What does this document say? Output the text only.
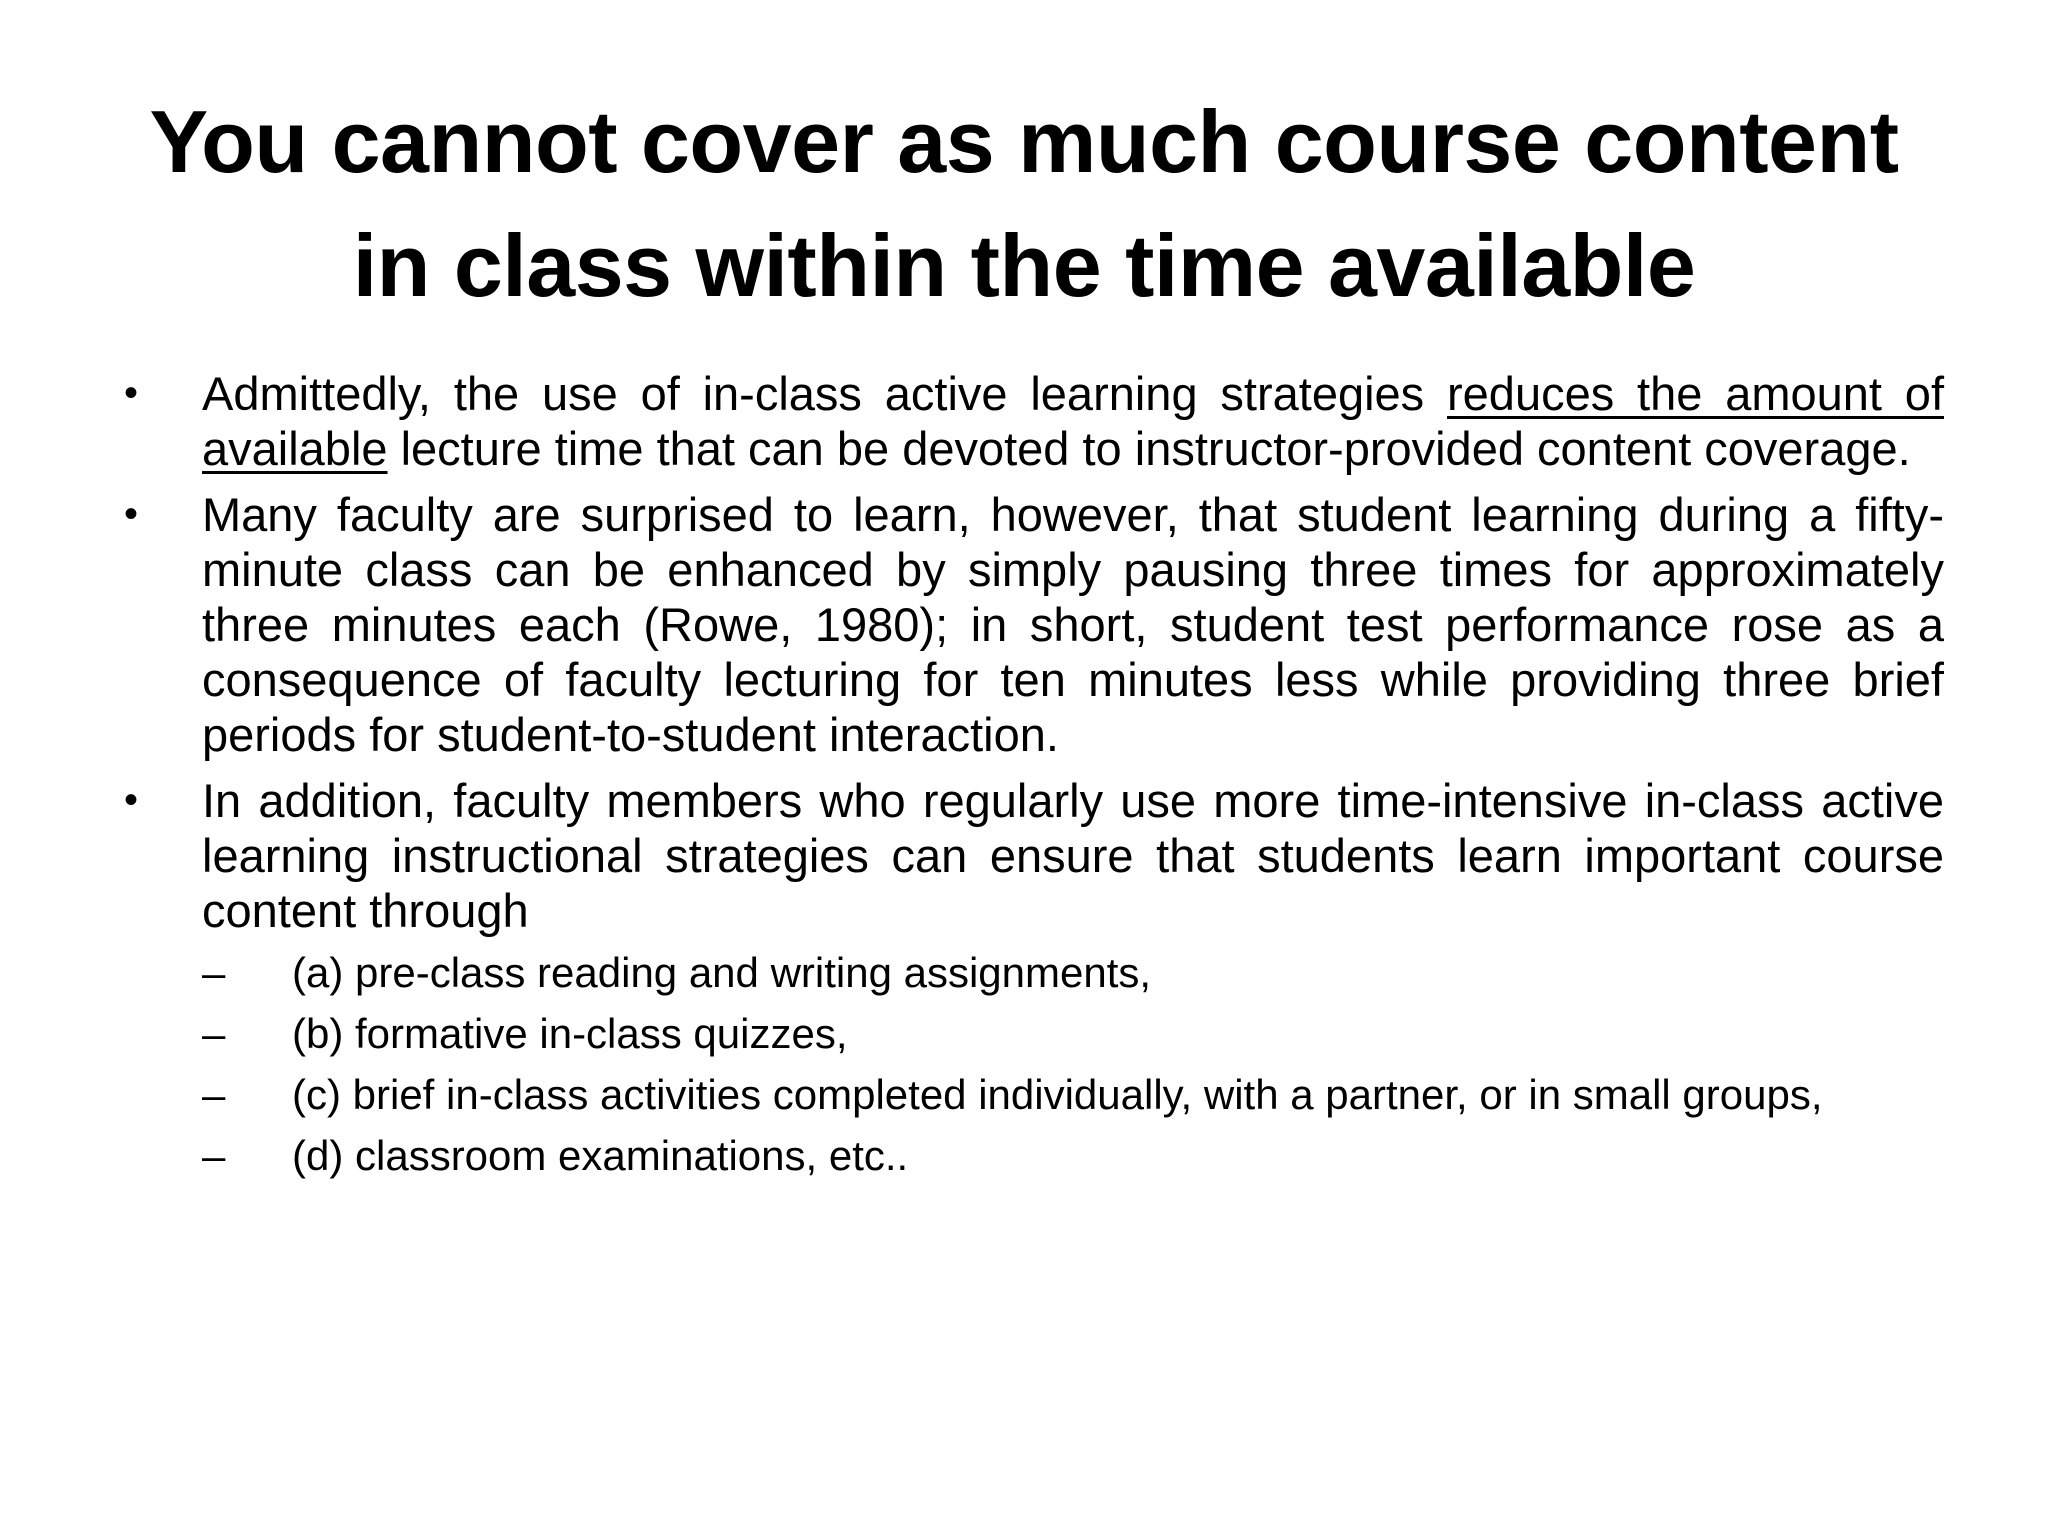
You cannot cover as much course content
in class within the time available
•	Admittedly, the use of in-class active learning strategies reduces the amount of available lecture time that can be devoted to instructor-provided content coverage.
•	Many faculty are surprised to learn, however, that student learning during a fifty-minute class can be enhanced by simply pausing three times for approximately three minutes each (Rowe, 1980); in short, student test performance rose as a consequence of faculty lecturing for ten minutes less while providing three brief periods for student-to-student interaction.
•	In addition, faculty members who regularly use more time-intensive in-class active learning instructional strategies can ensure that students learn important course content through
–	(a) pre-class reading and writing assignments,
–	(b) formative in-class quizzes,
–	(c) brief in-class activities completed individually, with a partner, or in small groups,
–	(d) classroom examinations, etc..
